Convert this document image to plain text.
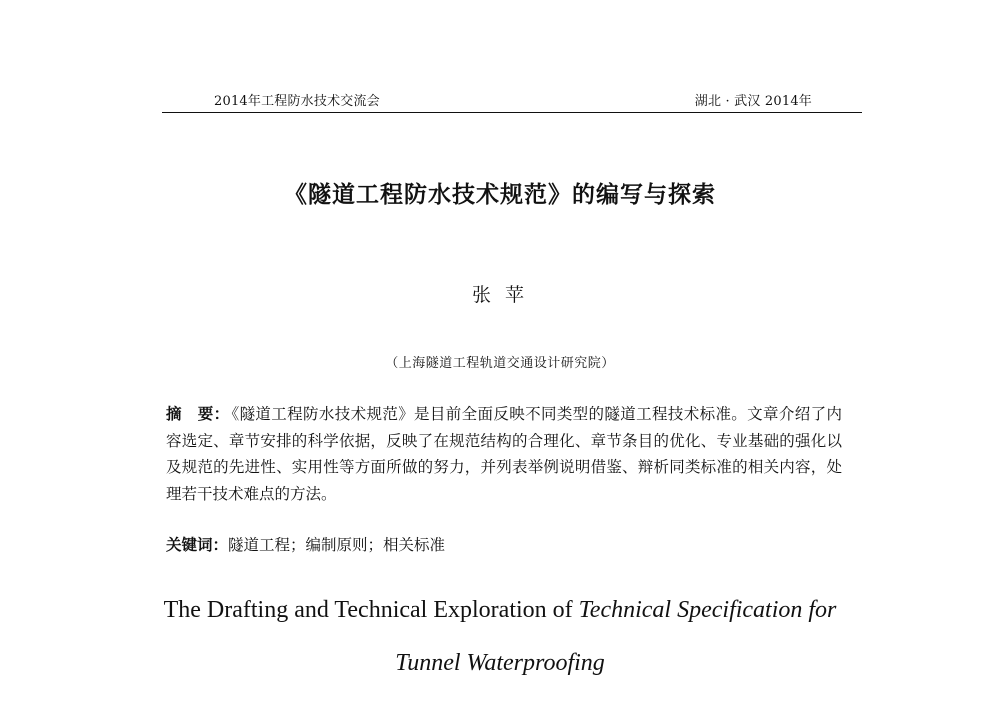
2014年工程防水技术交流会	湖北 · 武汉 2014年
《隧道工程防水技术规范》的编写与探索
张 苹
（上海隧道工程轨道交通设计研究院）
摘　要： 《隧道工程防水技术规范》是目前全面反映不同类型的隧道工程技术标准。文章介绍了内容选定、章节安排的科学依据，反映了在规范结构的合理化、章节条目的优化、专业基础的强化以及规范的先进性、实用性等方面所做的努力，并列表举例说明借鉴、辩析同类标准的相关内容，处理若干技术难点的方法。
关键词：隧道工程；编制原则；相关标准
The Drafting and Technical Exploration of Technical Specification for
Tunnel Waterproofing
